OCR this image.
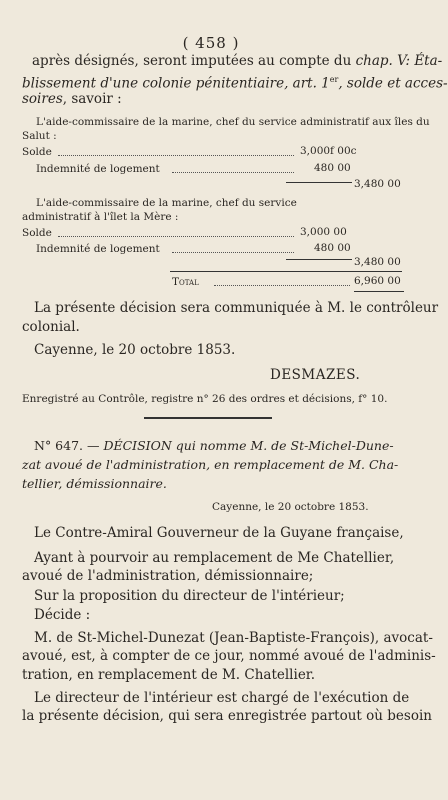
( 458 )
après désignés, seront imputées au compte du chap. V: Éta-
blissement d'une colonie pénitentiaire, art. 1er, solde et acces-
soires, savoir :
L'aide-commissaire de la marine, chef du service administratif aux îles du
Salut :
Solde	3,000f 00c
Indemnité de logement	480 00
3,480 00
L'aide-commissaire de la marine, chef du service
administratif à l'îlet la Mère :
Solde	3,000 00
Indemnité de logement	480 00
3,480 00
Total	6,960 00
La présente décision sera communiquée à M. le contrôleur
colonial.
Cayenne, le 20 octobre 1853.
DESMAZES.
Enregistré au Contrôle, registre n° 26 des ordres et décisions, f° 10.
N° 647. — DÉCISION qui nomme M. de St-Michel-Dune-
zat avoué de l'administration, en remplacement de M. Cha-
tellier, démissionnaire.
Cayenne, le 20 octobre 1853.
Le Contre-Amiral Gouverneur de la Guyane française,
Ayant à pourvoir au remplacement de Me Chatellier,
avoué de l'administration, démissionnaire;
Sur la proposition du directeur de l'intérieur;
Décide :
M. de St-Michel-Dunezat (Jean-Baptiste-François), avocat-
avoué, est, à compter de ce jour, nommé avoué de l'adminis-
tration, en remplacement de M. Chatellier.
Le directeur de l'intérieur est chargé de l'exécution de
la présente décision, qui sera enregistrée partout où besoin
